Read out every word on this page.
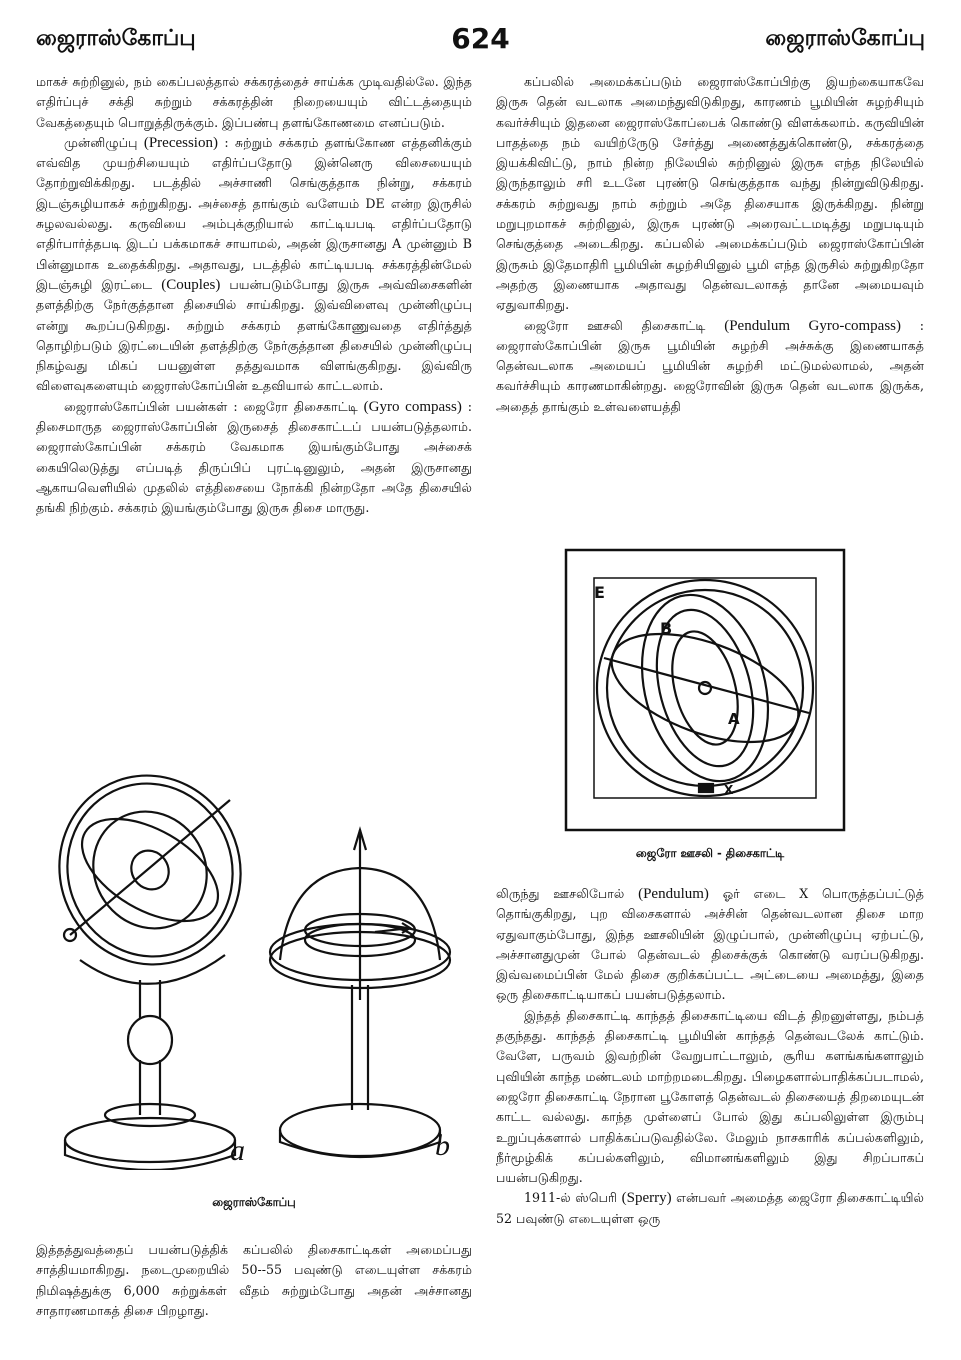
ஜைராஸ்கோப்பு	624	ஜைராஸ்கோப்பு

மாகச் சுற்றினுல், நம் கைப்பலத்தால் சக்கரத்தைச் சாய்க்க முடிவதில்லே. இந்த எதிர்ப்புச் சக்தி சுற்றும் சக்கரத்தின் நிறையையும் விட்டத்தையும் வேகத்தையும் பொறுத்திருக்கும். இப்பண்பு தளங்கோணமை எனப்படும்.

முன்னிழுப்பு (Precession) : சுற்றும் சக்கரம் தளங்கோண எத்தனிக்கும் எவ்வித முயற்சியையும் எதிர்ப்பதோடு இன்னெரு விசையையும் தோற்றுவிக்கிறது. படத்தில் அச்சாணி செங்குத்தாக நின்று, சக்கரம் இடஞ்சுழியாகச் சுற்றுகிறது. அச்சைத் தாங்கும் வளேயம் DE என்ற இருசில் சுழலவல்லது. கருவியை அம்புக்குறியால் காட்டியபடி எதிர்ப்பதோடு எதிர்பார்த்தபடி இடப் பக்கமாகச் சாயாமல், அதன் இருசானது A முன்னும் B பின்னுமாக உதைக்கிறது. அதாவது, படத்தில் காட்டியபடி சக்கரத்தின்மேல் இடஞ்சுழி இரட்டை (Couples) பயன்படும்போது இருசு அவ்விசைகளின் தளத்திற்கு நேர்குத்தான திசையில் சாய்கிறது. இவ்விளைவு முன்னிழுப்பு என்று கூறப்படுகிறது. சுற்றும் சக்கரம் தளங்கோணுவதை எதிர்த்துத் தொழிற்படும் இரட்டையின் தளத்திற்கு நேர்குத்தான திசையில் முன்னிழுப்பு நிகழ்வது மிகப் பயனுள்ள தத்துவமாக விளங்குகிறது. இவ்விரு விளைவுகளையும் ஜைராஸ்கோப்பின் உதவியால் காட்டலாம்.

ஜைராஸ்கோப்பின் பயன்கள் : ஜைரோ திசைகாட்டி (Gyro compass) : திசைமாருத ஜைராஸ்கோப்பின் இருசைத் திசைகாட்டப் பயன்படுத்தலாம். ஜைராஸ்கோப்பின் சக்கரம் வேகமாக இயங்கும்போது அச்சைக் கையிலெடுத்து எப்படித் திருப்பிப் புரட்டினுலும், அதன் இருசானது ஆகாயவெளியில் முதலில் எத்திசையை நோக்கி நின்றதோ அதே திசையில் தங்கி நிற்கும். சக்கரம் இயங்கும்போது இருசு திசை மாருது.

a	b
ஜைராஸ்கோப்பு

இத்தத்துவத்தைப் பயன்படுத்திக் கப்பலில் திசைகாட்டிகள் அமைப்பது சாத்தியமாகிறது. நடைமுறையில் 50--55 பவுண்டு எடையுள்ள சக்கரம் நிமிஷத்துக்கு 6,000 சுற்றுக்கள் வீதம் சுற்றும்போது அதன் அச்சானது சாதாரணமாகத் திசை பிறழாது.

கப்பலில் அமைக்கப்படும் ஜைராஸ்கோப்பிற்கு இயற்கையாகவே இருசு தென் வடலாக அமைந்துவிடுகிறது, காரணம் பூமியின் சுழற்சியும் கவர்ச்சியும் இதனை ஜைராஸ்கோப்பைக் கொண்டு விளக்கலாம். கருவியின் பாதத்தை நம் வயிற்ருேடு சேர்த்து அணைத்துக்கொண்டு, சக்கரத்தை இயக்கிவிட்டு, நாம் நின்ற நிலேயில் சுற்றினுல் இருசு எந்த நிலேயில் இருந்தாலும் சரி உடனே புரண்டு செங்குத்தாக வந்து நின்றுவிடுகிறது. சக்கரம் சுற்றுவது நாம் சுற்றும் அதே திசையாக இருக்கிறது. நின்று மறுபுறமாகச் சுற்றினுல், இருசு புரண்டு அரைவட்டமடித்து மறுபடியும் செங்குத்தை அடைகிறது. கப்பலில் அமைக்கப்படும் ஜைராஸ்கோப்பின் இருசும் இதேமாதிரி பூமியின் சுழற்சியினுல் பூமி எந்த இருசில் சுற்றுகிறதோ அதற்கு இணையாக அதாவது தென்வடலாகத் தானே அமையவும் ஏதுவாகிறது.

ஜைரோ ஊசலி திசைகாட்டி (Pendulum Gyro-compass) : ஜைராஸ்கோப்பின் இருசு பூமியின் சுழற்சி அச்சுக்கு இணையாகத் தென்வடலாக அமையப் பூமியின் சுழற்சி மட்டுமல்லாமல், அதன் கவர்ச்சியும் காரணமாகின்றது. ஜைரோவின் இருசு தென் வடலாக இருக்க, அதைத் தாங்கும் உள்வளையத்தி

E
B
A
X
ஜைரோ ஊசலி - திசைகாட்டி

லிருந்து ஊசலிபோல் (Pendulum) ஓர் எடை X பொருத்தப்பட்டுத் தொங்குகிறது, புற விசைகளால் அச்சின் தென்வடலான திசை மாற ஏதுவாகும்போது, இந்த ஊசலியின் இழுப்பால், முன்னிழுப்பு ஏற்பட்டு, அச்சானதுமுன் போல் தென்வடல் திசைக்குக் கொண்டு வரப்படுகிறது. இவ்வமைப்பின் மேல் திசை குறிக்கப்பட்ட அட்டையை அமைத்து, இதை ஒரு திசைகாட்டியாகப் பயன்படுத்தலாம்.

இந்தத் திசைகாட்டி காந்தத் திசைகாட்டியை விடத் திறனுள்ளது, நம்பத் தகுந்தது. காந்தத் திசைகாட்டி பூமியின் காந்தத் தென்வடலேக் காட்டும். வேளே, பருவம் இவற்றின் வேறுபாட்டாலும், சூரிய களங்கங்களாலும் புவியின் காந்த மண்டலம் மாற்றமடைகிறது. பிழைகளால்பாதிக்கப்படாமல், ஜைரோ திசைகாட்டி நேரான பூகோளத் தென்வடல் திசையைத் திறமையுடன் காட்ட வல்லது. காந்த முள்ளைப் போல் இது கப்பலிலுள்ள இரும்பு உறுப்புக்களால் பாதிக்கப்படுவதில்லே. மேலும் நாசகாரிக் கப்பல்களிலும், நீர்மூழ்கிக் கப்பல்களிலும், விமானங்களிலும் இது சிறப்பாகப் பயன்படுகிறது.

1911-ல் ஸ்பெரி (Sperry) என்பவர் அமைத்த ஜைரோ திசைகாட்டியில் 52 பவுண்டு எடையுள்ள ஒரு
